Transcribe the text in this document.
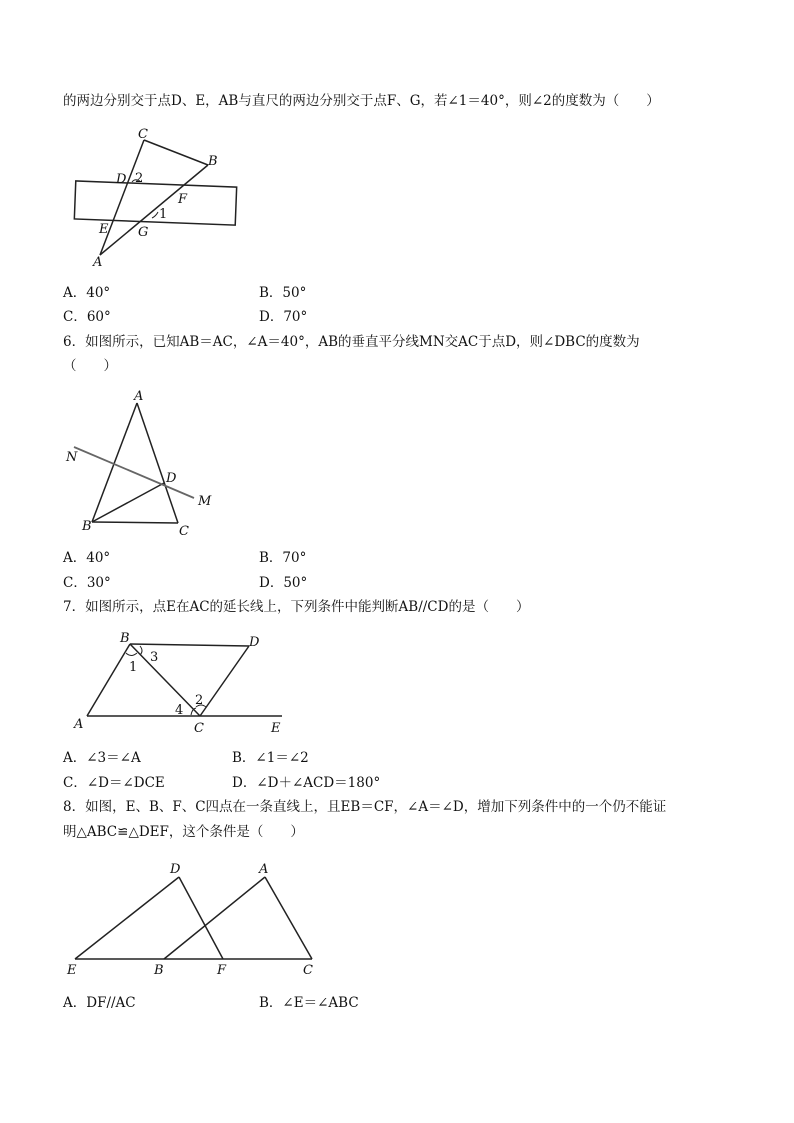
的两边分别交于点D、E，AB与直尺的两边分别交于点F、G，若∠1＝40°，则∠2的度数为（　　）
C
B
D 2
F
1
E G
A
A．40°	B．50°
C．60°	D．70°
6．如图所示，已知AB＝AC，∠A＝40°，AB的垂直平分线MN交AC于点D，则∠DBC的度数为
（　　）
A
N
D
M
B	C
A．40°	B．70°
C．30°	D．50°
7．如图所示，点E在AC的延长线上，下列条件中能判断AB//CD的是（　　）
B	D
3
1
2
4
A	C	E
A．∠3＝∠A	B．∠1＝∠2
C．∠D＝∠DCE	D．∠D＋∠ACD＝180°
8．如图，E、B、F、C四点在一条直线上，且EB＝CF，∠A＝∠D，增加下列条件中的一个仍不能证
明△ABC≌△DEF，这个条件是（　　）
D	A
E	B	F	C
A．DF//AC	B．∠E＝∠ABC
